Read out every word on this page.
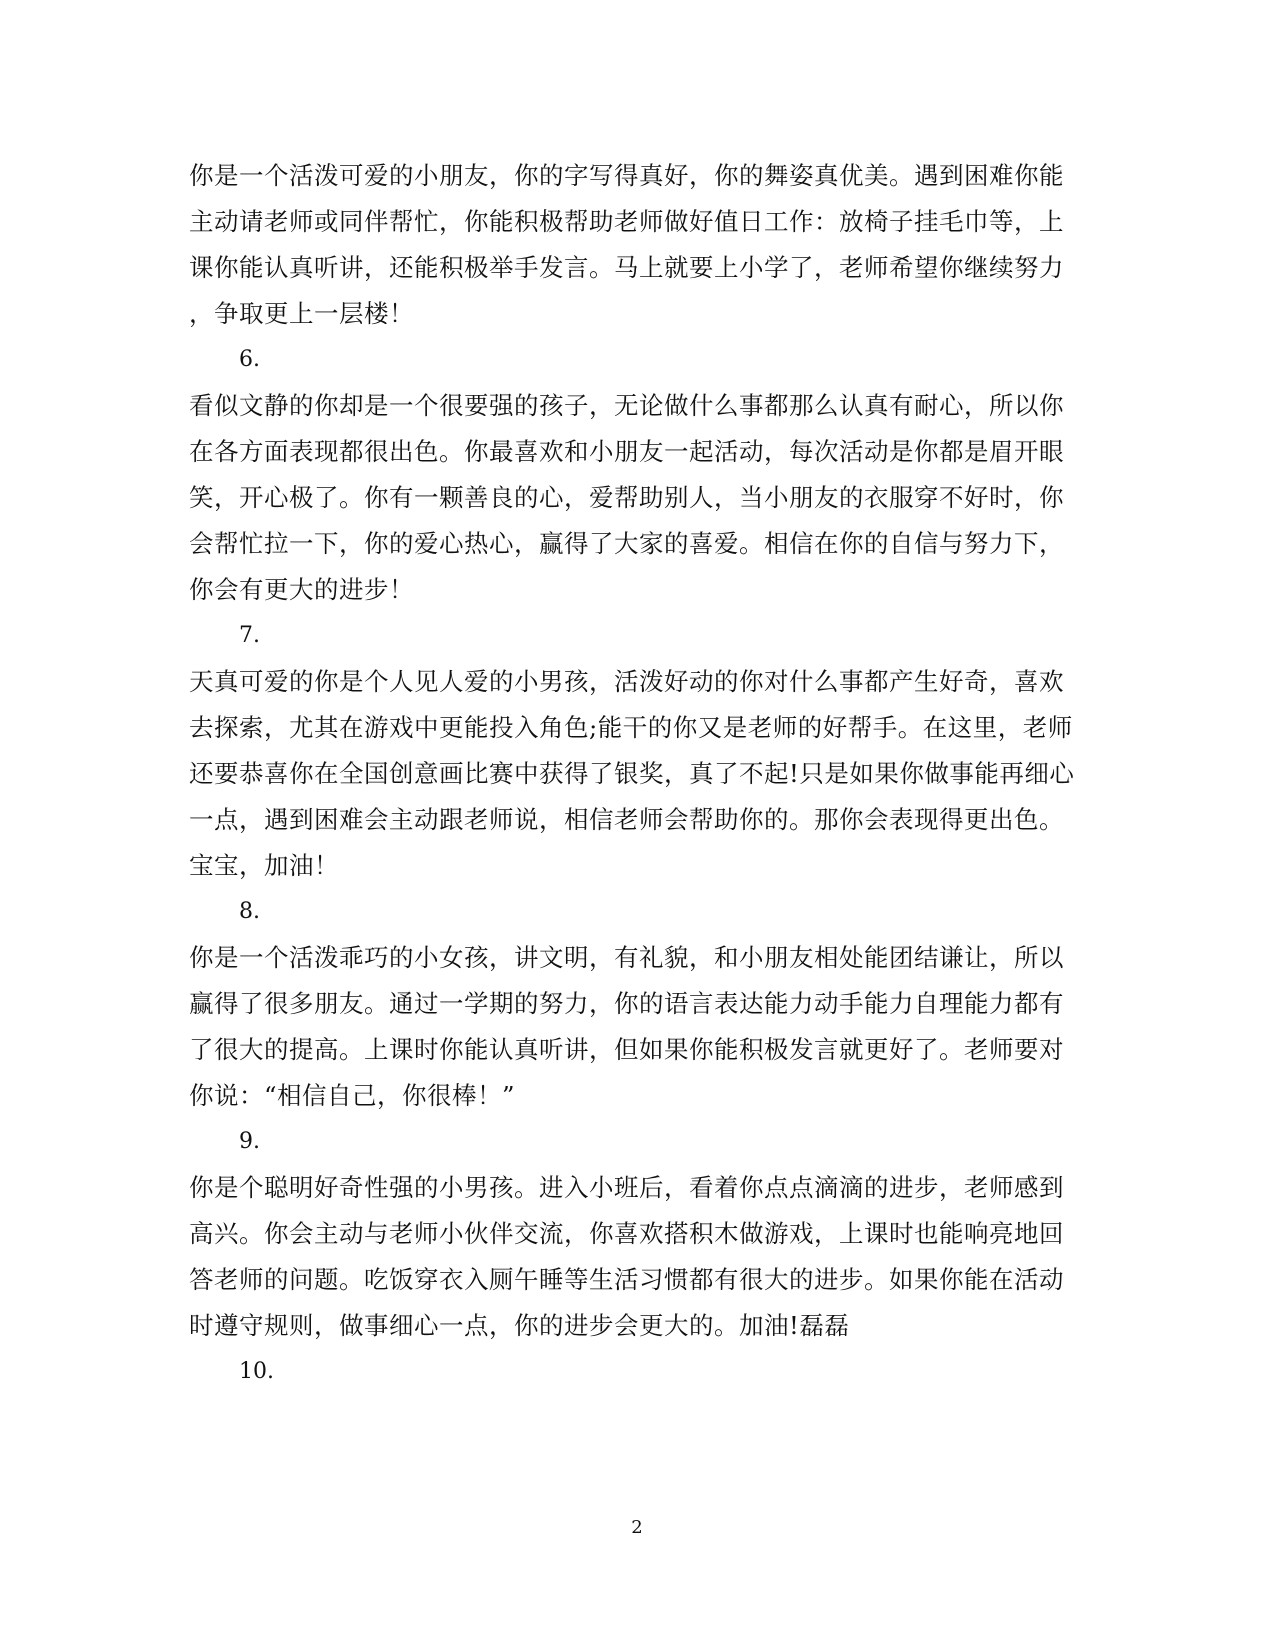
你是一个活泼可爱的小朋友，你的字写得真好，你的舞姿真优美。遇到困难你能
主动请老师或同伴帮忙，你能积极帮助老师做好值日工作：放椅子挂毛巾等，上
课你能认真听讲，还能积极举手发言。马上就要上小学了，老师希望你继续努力
，争取更上一层楼！
6.
看似文静的你却是一个很要强的孩子，无论做什么事都那么认真有耐心，所以你
在各方面表现都很出色。你最喜欢和小朋友一起活动，每次活动是你都是眉开眼
笑，开心极了。你有一颗善良的心，爱帮助别人，当小朋友的衣服穿不好时，你
会帮忙拉一下，你的爱心热心，赢得了大家的喜爱。相信在你的自信与努力下，
你会有更大的进步！
7.
天真可爱的你是个人见人爱的小男孩，活泼好动的你对什么事都产生好奇，喜欢
去探索，尤其在游戏中更能投入角色;能干的你又是老师的好帮手。在这里，老师
还要恭喜你在全国创意画比赛中获得了银奖，真了不起!只是如果你做事能再细心
一点，遇到困难会主动跟老师说，相信老师会帮助你的。那你会表现得更出色。
宝宝，加油！
8.
你是一个活泼乖巧的小女孩，讲文明，有礼貌，和小朋友相处能团结谦让，所以
赢得了很多朋友。通过一学期的努力，你的语言表达能力动手能力自理能力都有
了很大的提高。上课时你能认真听讲，但如果你能积极发言就更好了。老师要对
你说：“相信自己，你很棒！”
9.
你是个聪明好奇性强的小男孩。进入小班后，看着你点点滴滴的进步，老师感到
高兴。你会主动与老师小伙伴交流，你喜欢搭积木做游戏，上课时也能响亮地回
答老师的问题。吃饭穿衣入厕午睡等生活习惯都有很大的进步。如果你能在活动
时遵守规则，做事细心一点，你的进步会更大的。加油!磊磊
10.
2
